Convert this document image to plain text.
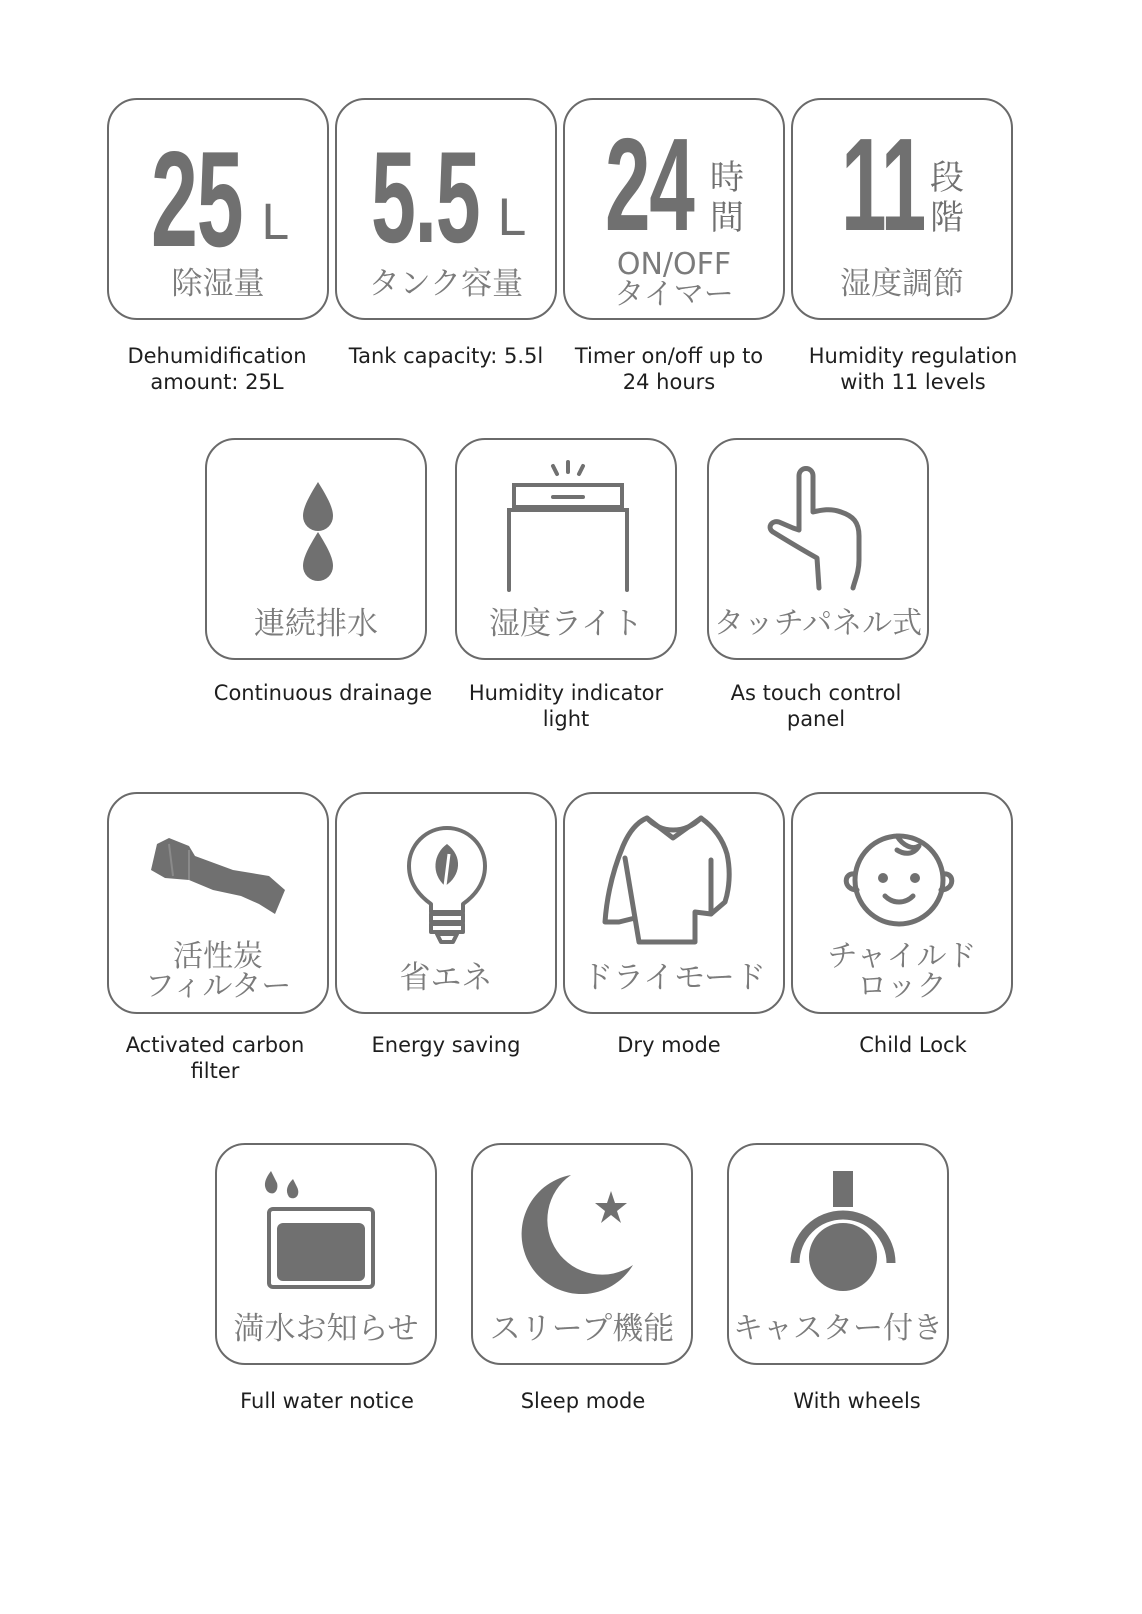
25 L
除湿量
Dehumidification amount: 25L
5.5 L
タンク容量
Tank capacity: 5.5l
24 時
間
ON/OFF
タイマー
Timer on/off up to 24 hours
11 段
階
湿度調節
Humidity regulation with 11 levels
連続排水
Continuous drainage
湿度ライト
Humidity indicator light
タッチパネル式
As touch control panel
活性炭
フィルター
Activated carbon filter
省エネ
Energy saving
ドライモード
Dry mode
チャイルド
ロック
Child Lock
満水お知らせ
Full water notice
スリープ機能
Sleep mode
キャスター付き
With wheels
